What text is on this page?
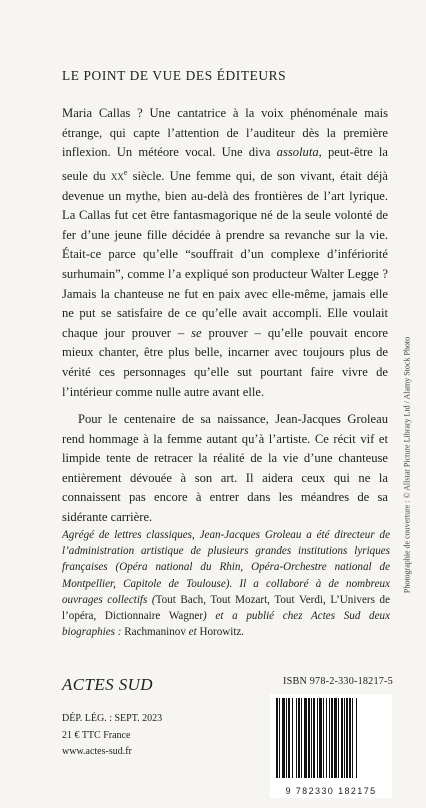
LE POINT DE VUE DES ÉDITEURS

Maria Callas ? Une cantatrice à la voix phénoménale mais étrange, qui capte l’attention de l’auditeur dès la première inflexion. Un météore vocal. Une diva assoluta, peut-être la seule du $xx^e$ siècle. Une femme qui, de son vivant, était déjà devenue un mythe, bien au-delà des frontières de l’art lyrique. La Callas fut cet être fantasmagorique né de la seule volonté de fer d’une jeune fille décidée à prendre sa revanche sur la vie. Était-ce parce qu’elle “souffrait d’un complexe d’infériorité surhumain”, comme l’a expliqué son producteur Walter Legge ? Jamais la chanteuse ne fut en paix avec elle-même, jamais elle ne put se satisfaire de ce qu’elle avait accompli. Elle voulait chaque jour prouver – se prouver – qu’elle pouvait encore mieux chanter, être plus belle, incarner avec toujours plus de vérité ces personnages qu’elle sut pourtant faire vivre de l’intérieur comme nulle autre avant elle.

Pour le centenaire de sa naissance, Jean-Jacques Groleau rend hommage à la femme autant qu’à l’artiste. Ce récit vif et limpide tente de retracer la réalité de la vie d’une chanteuse entièrement dévouée à son art. Il aidera ceux qui ne la connaissent pas encore à entrer dans les méandres de sa sidérante carrière.

Agrégé de lettres classiques, Jean-Jacques Groleau a été directeur de l’administration artistique de plusieurs grandes institutions lyriques françaises (Opéra national du Rhin, Opéra-Orchestre national de Montpellier, Capitole de Toulouse). Il a collaboré à de nombreux ouvrages collectifs (Tout Bach, Tout Mozart, Tout Verdi, L’Univers de l’opéra, Dictionnaire Wagner) et a publié chez Actes Sud deux biographies : Rachmaninov et Horowitz.

ACTES SUD
DÉP. LÉG. : SEPT. 2023
21 € TTC France
www.actes-sud.fr
ISBN 978-2-330-18217-5
9 782330 182175
Photographie de couverture : © Allstar Picture Library Ltd / Alamy Stock Photo
